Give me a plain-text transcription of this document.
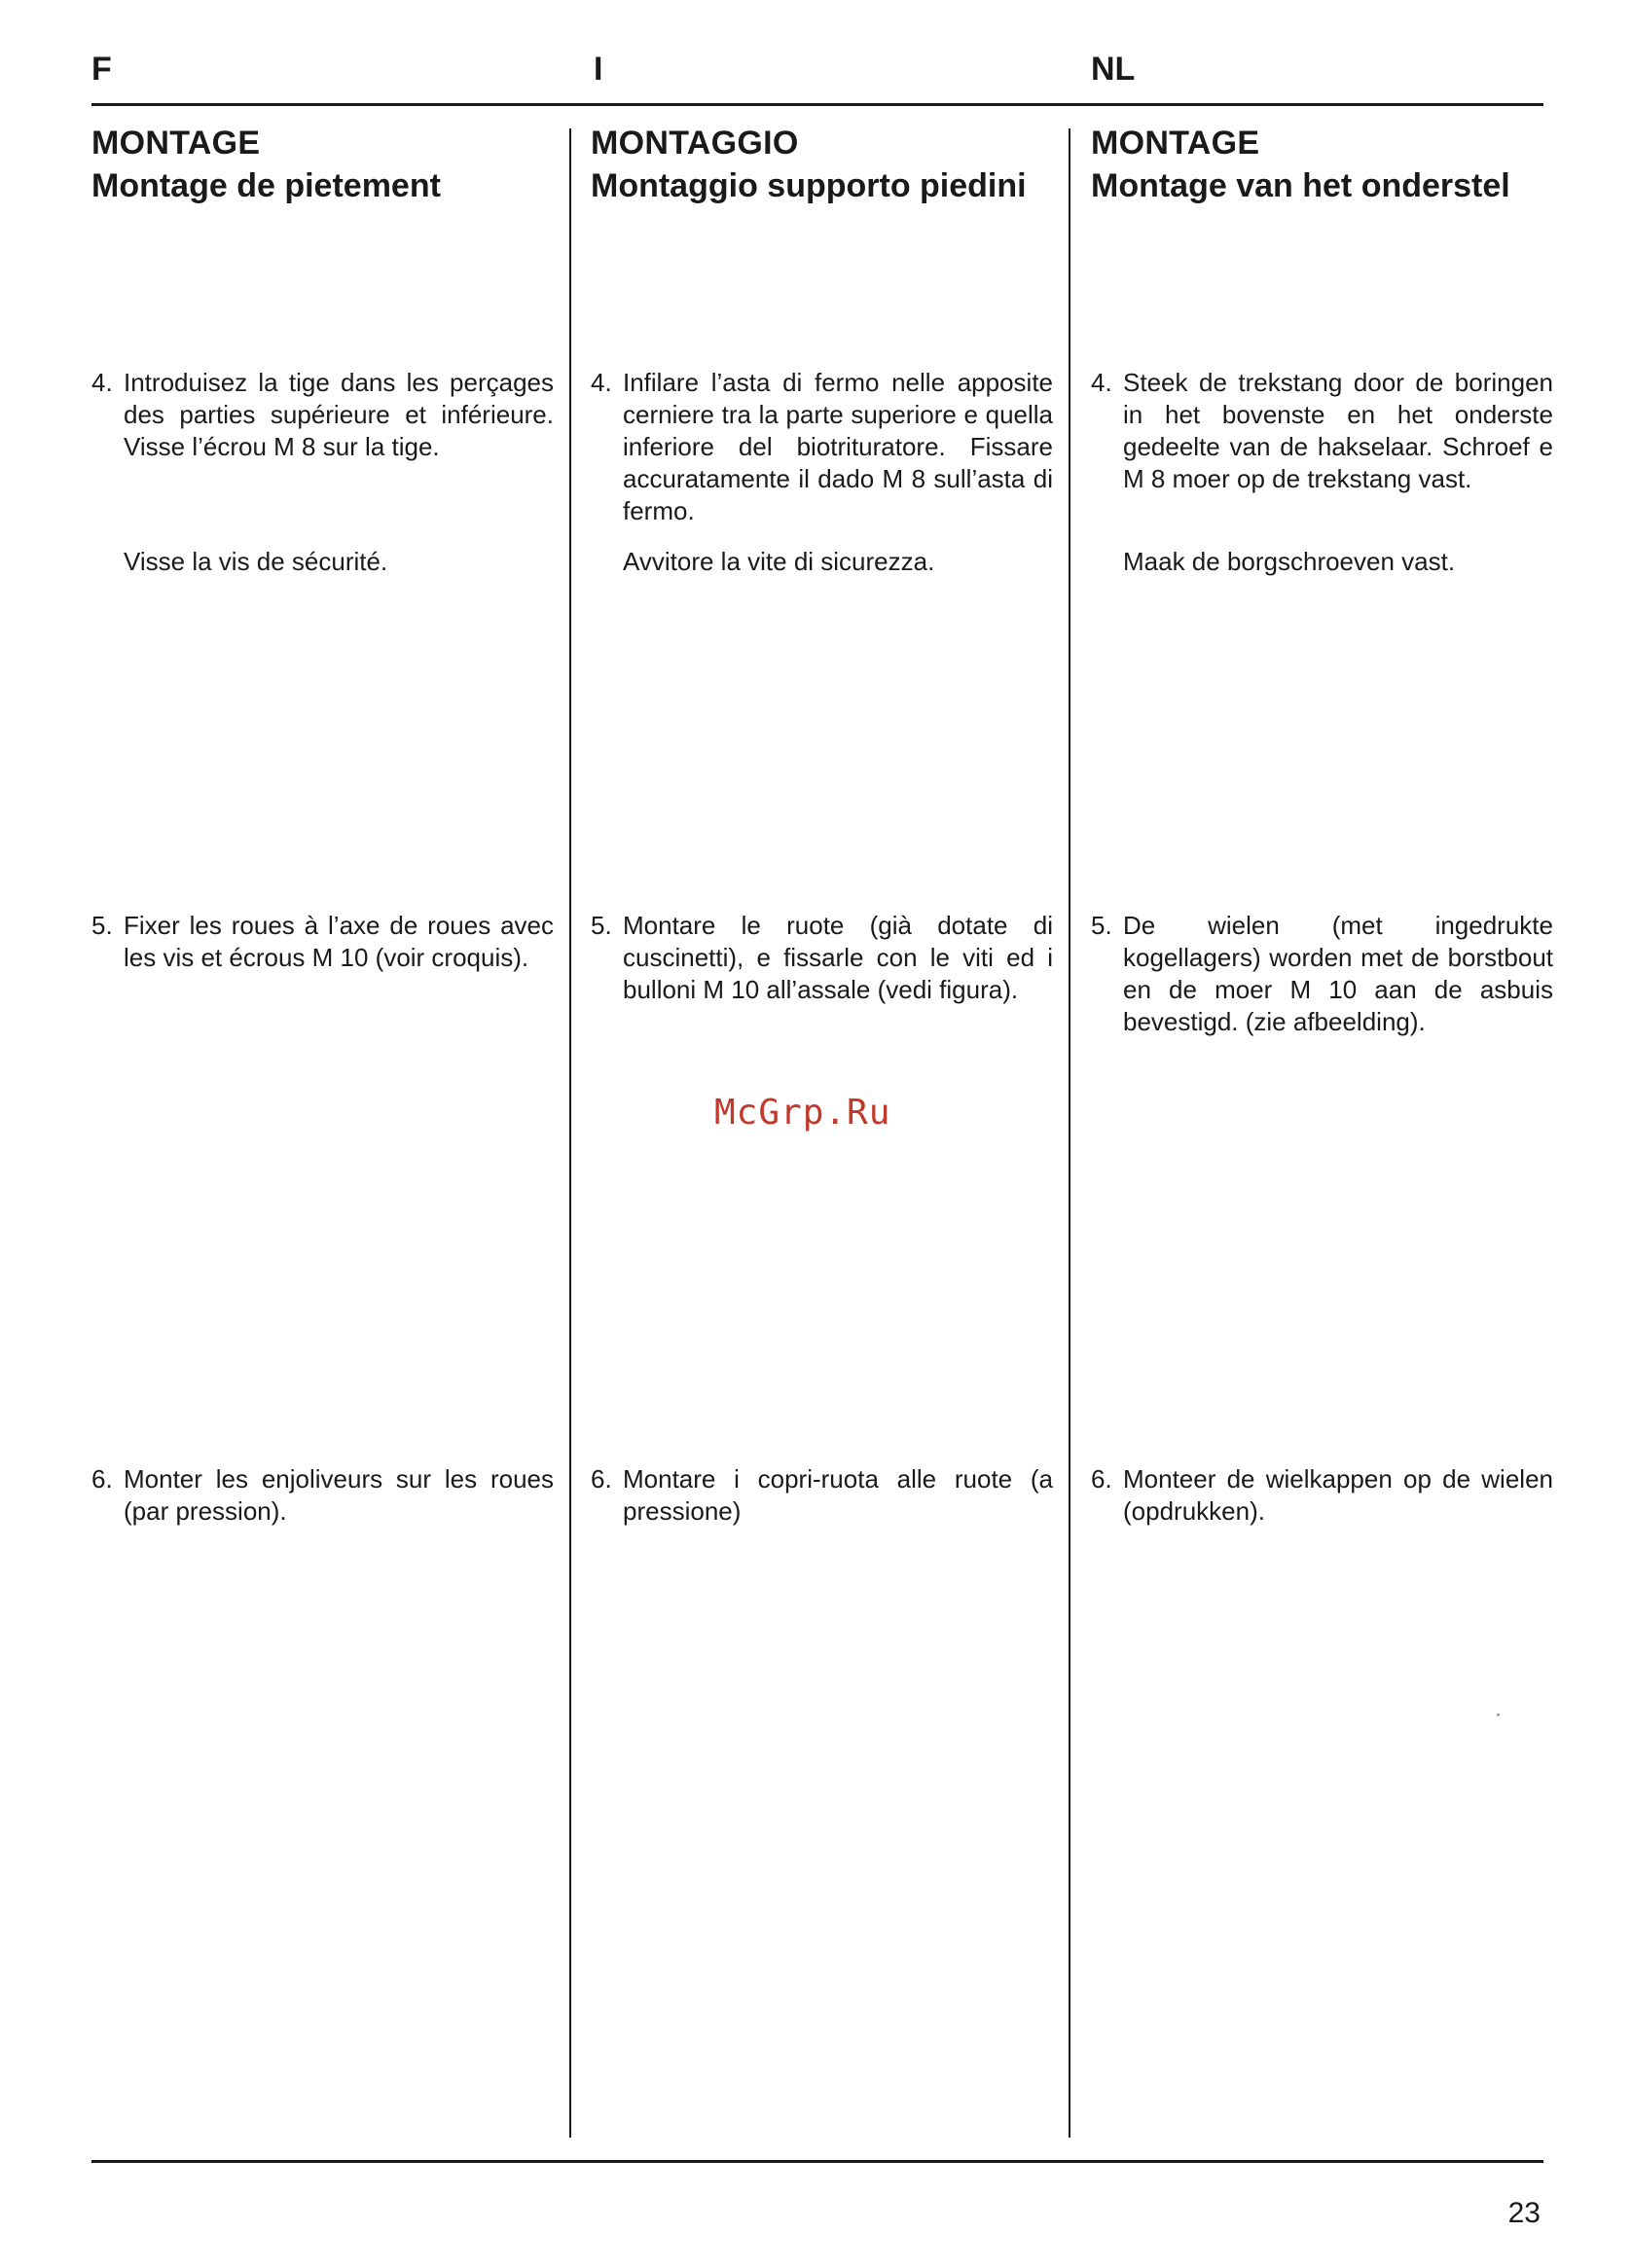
F	I	NL
MONTAGE
Montage de pietement
4. Introduisez la tige dans les perçages des parties supérieure et inférieure. Visse l’écrou M 8 sur la tige.
Visse la vis de sécurité.
5. Fixer les roues à l’axe de roues avec les vis et écrous M 10 (voir croquis).
6. Monter les enjoliveurs sur les roues (par pression).
MONTAGGIO
Montaggio supporto piedini
4. Infilare l’asta di fermo nelle apposite cerniere tra la parte superiore e quella inferiore del biotrituratore. Fissare accuratamente il dado M 8 sull’asta di fermo.
Avvitore la vite di sicurezza.
5. Montare le ruote (già dotate di cuscinetti), e fissarle con le viti ed i bulloni M 10 all’assale (vedi figura).
6. Montare i copri-ruota alle ruote (a pressione)
MONTAGE
Montage van het onderstel
4. Steek de trekstang door de boringen in het bovenste en het onderste gedeelte van de hakselaar. Schroef e M 8 moer op de trekstang vast.
Maak de borgschroeven vast.
5. De wielen (met ingedrukte kogellagers) worden met de borstbout en de moer M 10 aan de asbuis bevestigd. (zie afbeelding).
6. Monteer de wielkappen op de wielen (opdrukken).
McGrp.Ru
23
